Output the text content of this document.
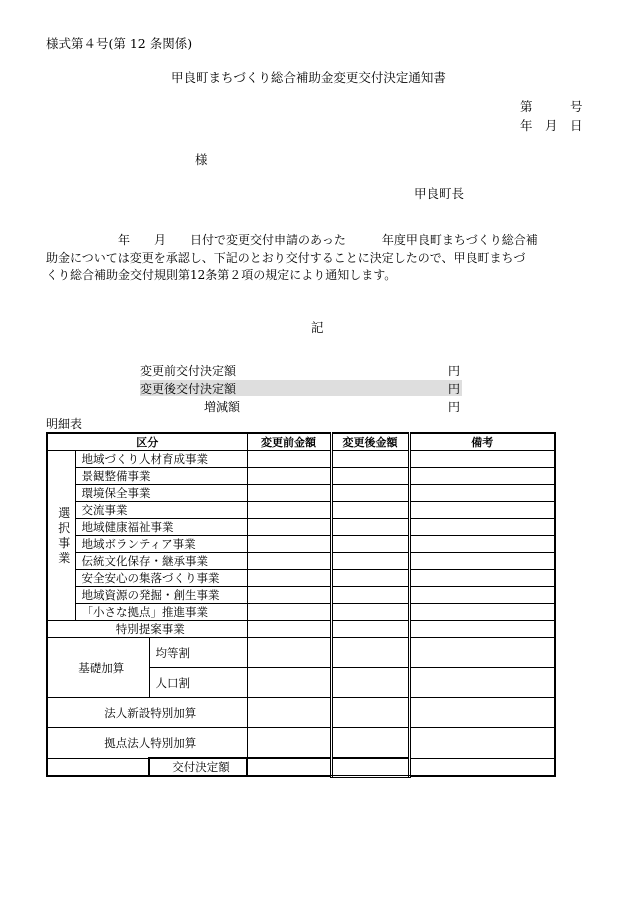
様式第４号(第 12 条関係)
甲良町まちづくり総合補助金変更交付決定通知書
第　　　号
年　月　日
様
甲良町長
年　　月　　日付で変更交付申請のあった　　　年度甲良町まちづくり総合補
助金については変更を承認し、下記のとおり交付することに決定したので、甲良町まちづ
くり総合補助金交付規則第12条第２項の規定により通知します。
記
変更前交付決定額	円
変更後交付決定額	円
増減額	円
明細表
区分			変更前金額	変更後金額	備考
選択事業	地域づくり人材育成事業				
	景観整備事業				
	環境保全事業				
	交流事業				
	地域健康福祉事業				
	地域ボランティア事業				
	伝統文化保存・継承事業				
	安全安心の集落づくり事業				
	地域資源の発掘・創生事業				
	「小さな拠点」推進事業				
特別提案事業					
基礎加算		均等割			
		人口割			
法人新設特別加算					
拠点法人特別加算					
		交付決定額			
